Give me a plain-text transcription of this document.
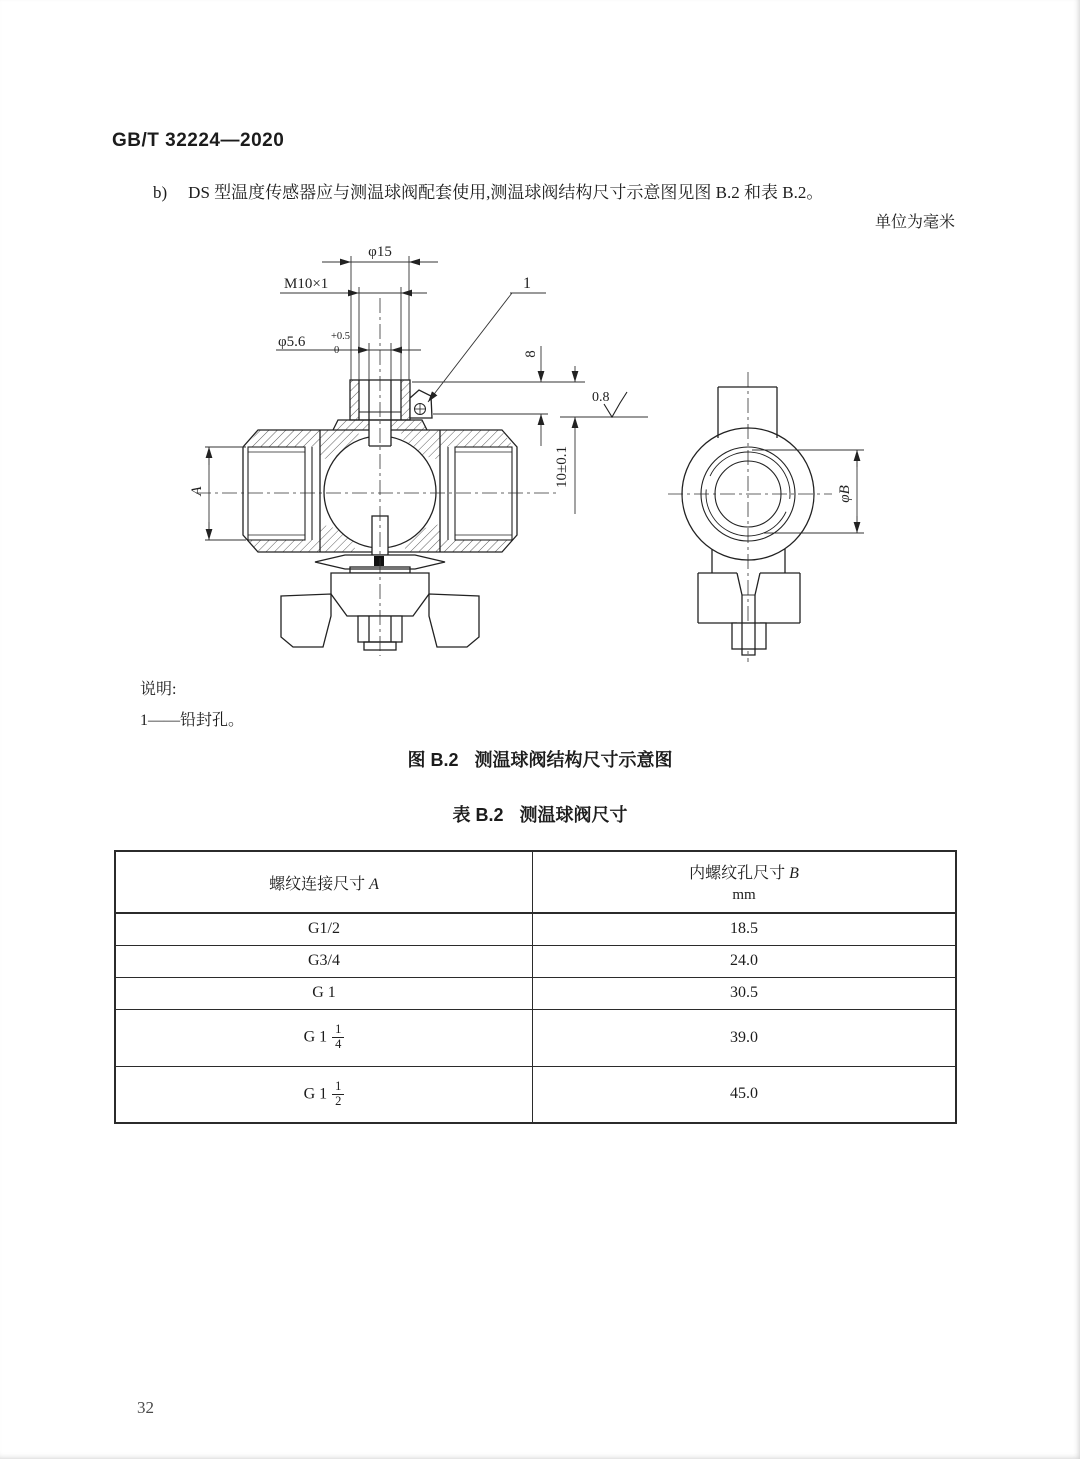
GB/T 32224—2020
b) DS 型温度传感器应与测温球阀配套使用,测温球阀结构尺寸示意图见图 B.2 和表 B.2。
单位为毫米
φ15
M10×1
φ5.6 +0.5
0
1
8
0.8
10±0.1
A	φB
说明:
1——铅封孔。
图 B.2 测温球阀结构尺寸示意图
表 B.2 测温球阀尺寸
螺纹连接尺寸 A	内螺纹孔尺寸 B
mm

G1/2	18.5
G3/4	24.0
G 1	30.5
G $1 \frac{1}{4}$	39.0
G $1 \frac{1}{2}$	45.0
32
